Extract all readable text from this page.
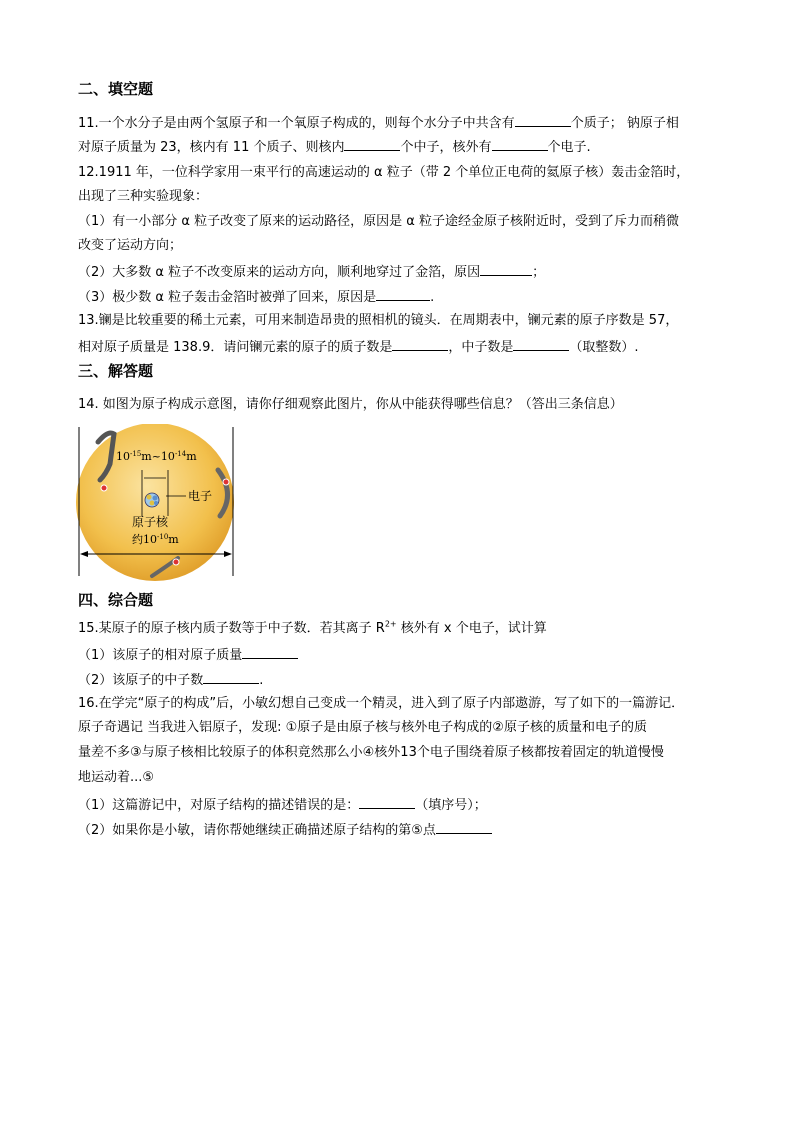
二、填空题
11.一个水分子是由两个氢原子和一个氧原子构成的，则每个水分子中共含有	个质子； 钠原子相
对原子质量为 23，核内有 11 个质子、则核内	个中子，核外有	个电子.
12.1911 年，一位科学家用一束平行的高速运动的 α 粒子（带 2 个单位正电荷的氦原子核）轰击金箔时，
出现了三种实验现象：
（1）有一小部分 α 粒子改变了原来的运动路径，原因是 α 粒子途经金原子核附近时，受到了斥力而稍微
改变了运动方向；
（2）大多数 α 粒子不改变原来的运动方向，顺利地穿过了金箔，原因	；
（3）极少数 α 粒子轰击金箔时被弹了回来，原因是	.
13.镧是比较重要的稀土元素，可用来制造昂贵的照相机的镜头．在周期表中，镧元素的原子序数是 57，
相对原子质量是 138.9．请问镧元素的原子的质子数是	，中子数是	（取整数）.
三、解答题
14. 如图为原子构成示意图，请你仔细观察此图片，你从中能获得哪些信息？（答出三条信息）
$10^{-15}m\sim 10^{-14}m$
电子
原子核
约$10^{-10}m$
四、综合题
15.某原子的原子核内质子数等于中子数．若其离子 $R^{2+}$ 核外有 x 个电子，试计算
（1）该原子的相对原子质量
（2）该原子的中子数	.
16.在学完“原子的构成”后，小敏幻想自己变成一个精灵，进入到了原子内部遨游，写了如下的一篇游记．
原子奇遇记 当我进入铝原子，发现: ①原子是由原子核与核外电子构成的②原子核的质量和电子的质
量差不多③与原子核相比较原子的体积竟然那么小④核外13个电子围绕着原子核都按着固定的轨道慢慢
地运动着...⑤
（1）这篇游记中，对原子结构的描述错误的是：	（填序号）；
（2）如果你是小敏，请你帮她继续正确描述原子结构的第⑤点
